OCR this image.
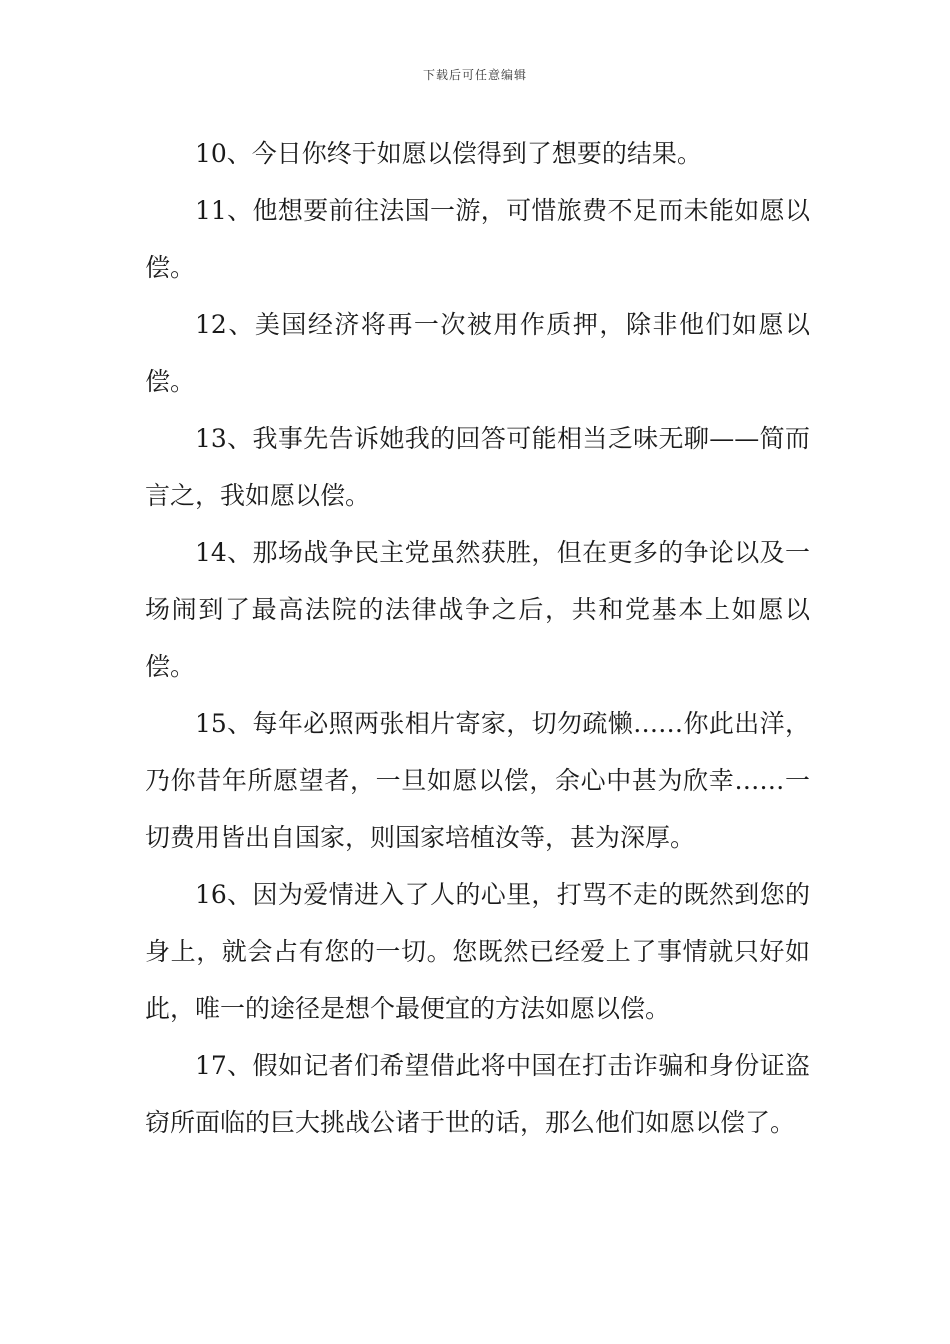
下载后可任意编辑

10、今日你终于如愿以偿得到了想要的结果。

11、他想要前往法国一游，可惜旅费不足而未能如愿以偿。

12、美国经济将再一次被用作质押，除非他们如愿以偿。

13、我事先告诉她我的回答可能相当乏味无聊——简而言之，我如愿以偿。

14、那场战争民主党虽然获胜，但在更多的争论以及一场闹到了最高法院的法律战争之后，共和党基本上如愿以偿。

15、每年必照两张相片寄家，切勿疏懒……你此出洋，乃你昔年所愿望者，一旦如愿以偿，余心中甚为欣幸……一切费用皆出自国家，则国家培植汝等，甚为深厚。

16、因为爱情进入了人的心里，打骂不走的既然到您的身上，就会占有您的一切。您既然已经爱上了事情就只好如此，唯一的途径是想个最便宜的方法如愿以偿。

17、假如记者们希望借此将中国在打击诈骗和身份证盗窃所面临的巨大挑战公诸于世的话，那么他们如愿以偿了。
